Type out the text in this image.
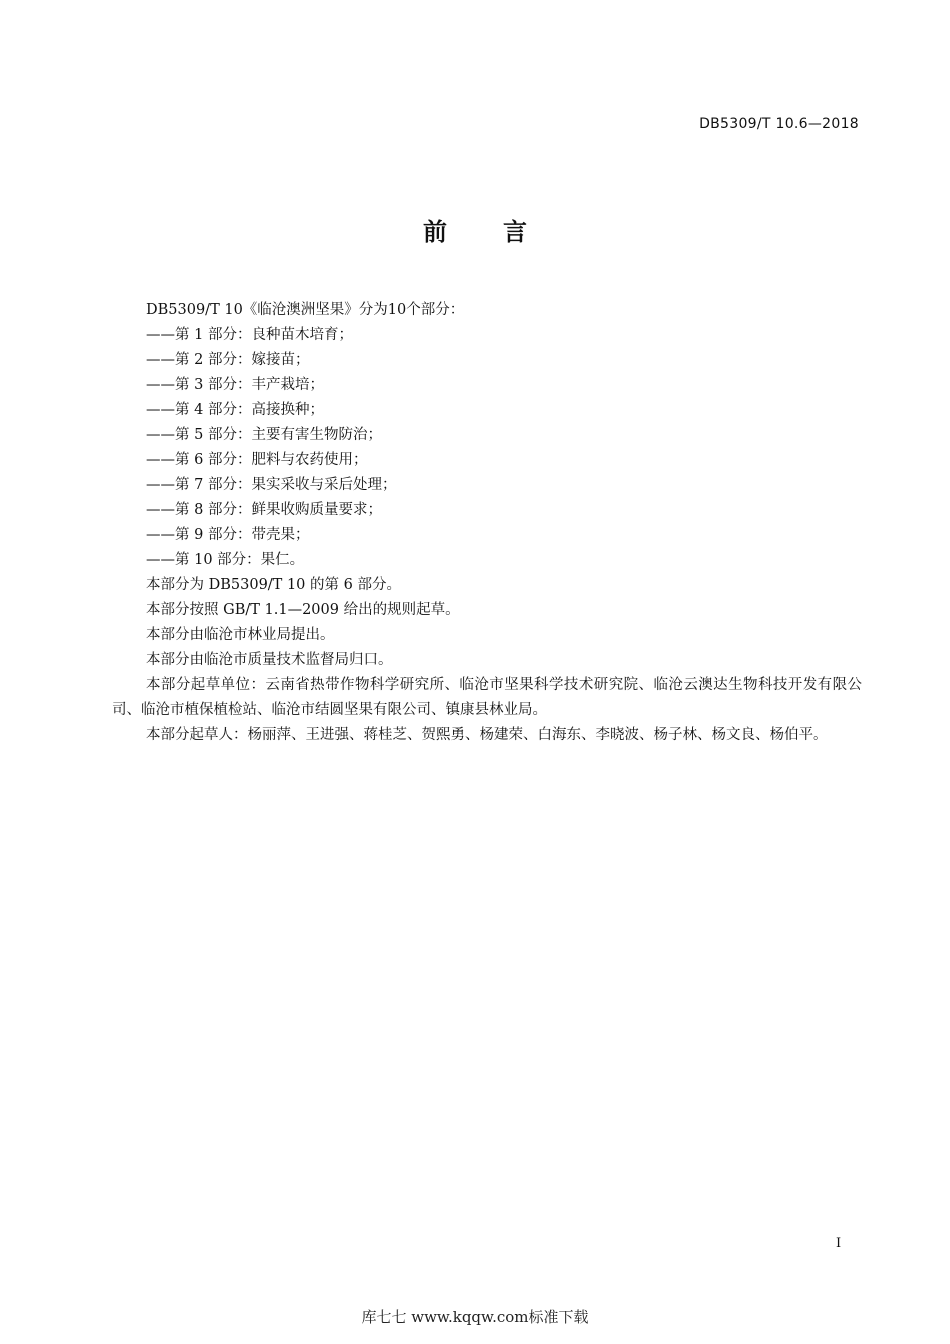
DB5309/T 10.6—2018
前言

DB5309/T 10《临沧澳洲坚果》分为10个部分：

——第 1 部分：良种苗木培育；

——第 2 部分：嫁接苗；

——第 3 部分：丰产栽培；

——第 4 部分：高接换种；

——第 5 部分：主要有害生物防治；

——第 6 部分：肥料与农药使用；

——第 7 部分：果实采收与采后处理；

——第 8 部分：鲜果收购质量要求；

——第 9 部分：带壳果；

——第 10 部分：果仁。

本部分为 DB5309/T 10 的第 6 部分。

本部分按照 GB/T 1.1—2009 给出的规则起草。

本部分由临沧市林业局提出。

本部分由临沧市质量技术监督局归口。

本部分起草单位：云南省热带作物科学研究所、临沧市坚果科学技术研究院、临沧云澳达生物科技开发有限公司、临沧市植保植检站、临沧市结圆坚果有限公司、镇康县林业局。

本部分起草人：杨丽萍、王进强、蒋桂芝、贺熙勇、杨建荣、白海东、李晓波、杨子林、杨文良、杨伯平。

I
库七七 www.kqqw.com标准下载
